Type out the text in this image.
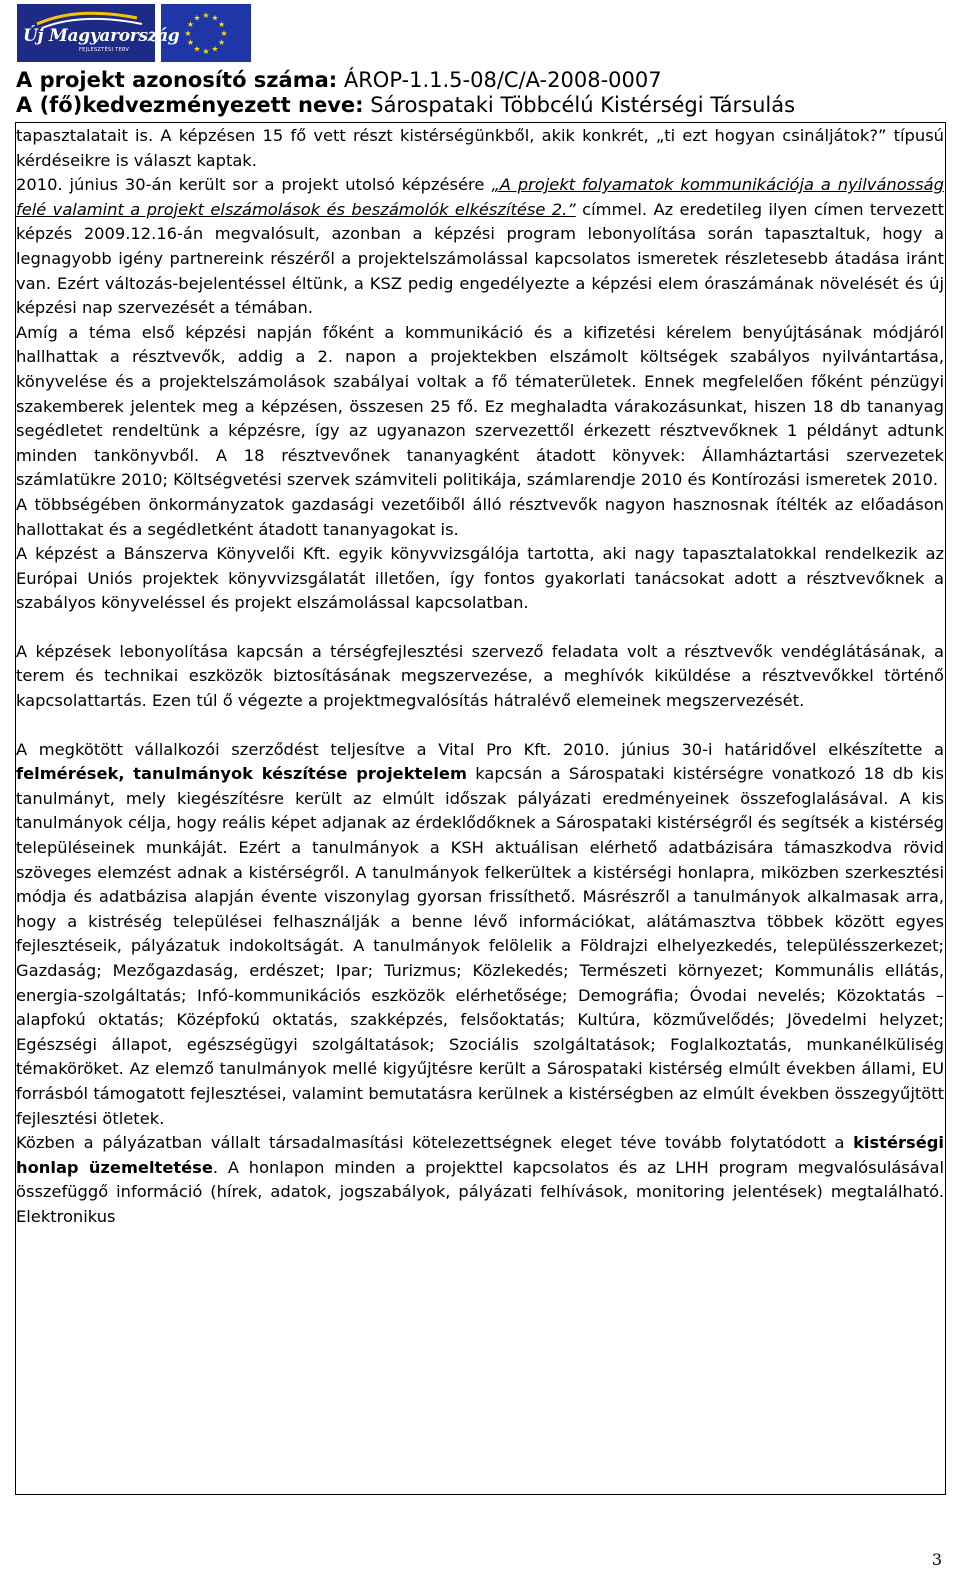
Új Magyarország
FEJLESZTÉSI TERV
★
★
★
★
★
★
★
★
★ ★ ★
★
A projekt azonosító száma: ÁROP-1.1.5-08/C/A-2008-0007
A (fő)kedvezményezett neve: Sárospataki Többcélú Kistérségi Társulás

tapasztalatait is. A képzésen 15 fő vett részt kistérségünkből, akik konkrét, „ti ezt hogyan csináljátok?” típusú kérdéseikre is választ kaptak.

2010. június 30-án került sor a projekt utolsó képzésére „A projekt folyamatok kommunikációja a nyilvánosság felé valamint a projekt elszámolások és beszámolók elkészítése 2.” címmel. Az eredetileg ilyen címen tervezett képzés 2009.12.16-án megvalósult, azonban a képzési program lebonyolítása során tapasztaltuk, hogy a legnagyobb igény partnereink részéről a projektelszámolással kapcsolatos ismeretek részletesebb átadása iránt van. Ezért változás-bejelentéssel éltünk, a KSZ pedig engedélyezte a képzési elem óraszámának növelését és új képzési nap szervezését a témában.

Amíg a téma első képzési napján főként a kommunikáció és a kifizetési kérelem benyújtásának módjáról hallhattak a résztvevők, addig a 2. napon a projektekben elszámolt költségek szabályos nyilvántartása, könyvelése és a projektelszámolások szabályai voltak a fő tématerületek. Ennek megfelelően főként pénzügyi szakemberek jelentek meg a képzésen, összesen 25 fő. Ez meghaladta várakozásunkat, hiszen 18 db tananyag segédletet rendeltünk a képzésre, így az ugyanazon szervezettől érkezett résztvevőknek 1 példányt adtunk minden tankönyvből. A 18 résztvevőnek tananyagként átadott könyvek: Államháztartási szervezetek számlatükre 2010; Költségvetési szervek számviteli politikája, számlarendje 2010 és Kontírozási ismeretek 2010.

A többségében önkormányzatok gazdasági vezetőiből álló résztvevők nagyon hasznosnak ítélték az előadáson hallottakat és a segédletként átadott tananyagokat is.

A képzést a Bánszerva Könyvelői Kft. egyik könyvvizsgálója tartotta, aki nagy tapasztalatokkal rendelkezik az Európai Uniós projektek könyvvizsgálatát illetően, így fontos gyakorlati tanácsokat adott a résztvevőknek a szabályos könyveléssel és projekt elszámolással kapcsolatban.

A képzések lebonyolítása kapcsán a térségfejlesztési szervező feladata volt a résztvevők vendéglátásának, a terem és technikai eszközök biztosításának megszervezése, a meghívók kiküldése a résztvevőkkel történő kapcsolattartás. Ezen túl ő végezte a projektmegvalósítás hátralévő elemeinek megszervezését.

A megkötött vállalkozói szerződést teljesítve a Vital Pro Kft. 2010. június 30-i határidővel elkészítette a felmérések, tanulmányok készítése projektelem kapcsán a Sárospataki kistérségre vonatkozó 18 db kis tanulmányt, mely kiegészítésre került az elmúlt időszak pályázati eredményeinek összefoglalásával. A kis tanulmányok célja, hogy reális képet adjanak az érdeklődőknek a Sárospataki kistérségről és segítsék a kistérség településeinek munkáját. Ezért a tanulmányok a KSH aktuálisan elérhető adatbázisára támaszkodva rövid szöveges elemzést adnak a kistérségről. A tanulmányok felkerültek a kistérségi honlapra, miközben szerkesztési módja és adatbázisa alapján évente viszonylag gyorsan frissíthető. Másrészről a tanulmányok alkalmasak arra, hogy a kistréség települései felhasználják a benne lévő információkat, alátámasztva többek között egyes fejlesztéseik, pályázatuk indokoltságát. A tanulmányok felölelik a Földrajzi elhelyezkedés, településszerkezet; Gazdaság; Mezőgazdaság, erdészet; Ipar; Turizmus; Közlekedés; Természeti környezet; Kommunális ellátás, energia-szolgáltatás; Infó-kommunikációs eszközök elérhetősége; Demográfia; Óvodai nevelés; Közoktatás – alapfokú oktatás; Középfokú oktatás, szakképzés, felsőoktatás; Kultúra, közművelődés; Jövedelmi helyzet; Egészségi állapot, egészségügyi szolgáltatások; Szociális szolgáltatások; Foglalkoztatás, munkanélküliség témaköröket. Az elemző tanulmányok mellé kigyűjtésre került a Sárospataki kistérség elmúlt években állami, EU forrásból támogatott fejlesztései, valamint bemutatásra kerülnek a kistérségben az elmúlt években összegyűjtött fejlesztési ötletek.

Közben a pályázatban vállalt társadalmasítási kötelezettségnek eleget téve tovább folytatódott a kistérségi honlap üzemeltetése. A honlapon minden a projekttel kapcsolatos és az LHH program megvalósulásával összefüggő információ (hírek, adatok, jogszabályok, pályázati felhívások, monitoring jelentések) megtalálható. Elektronikus

3
